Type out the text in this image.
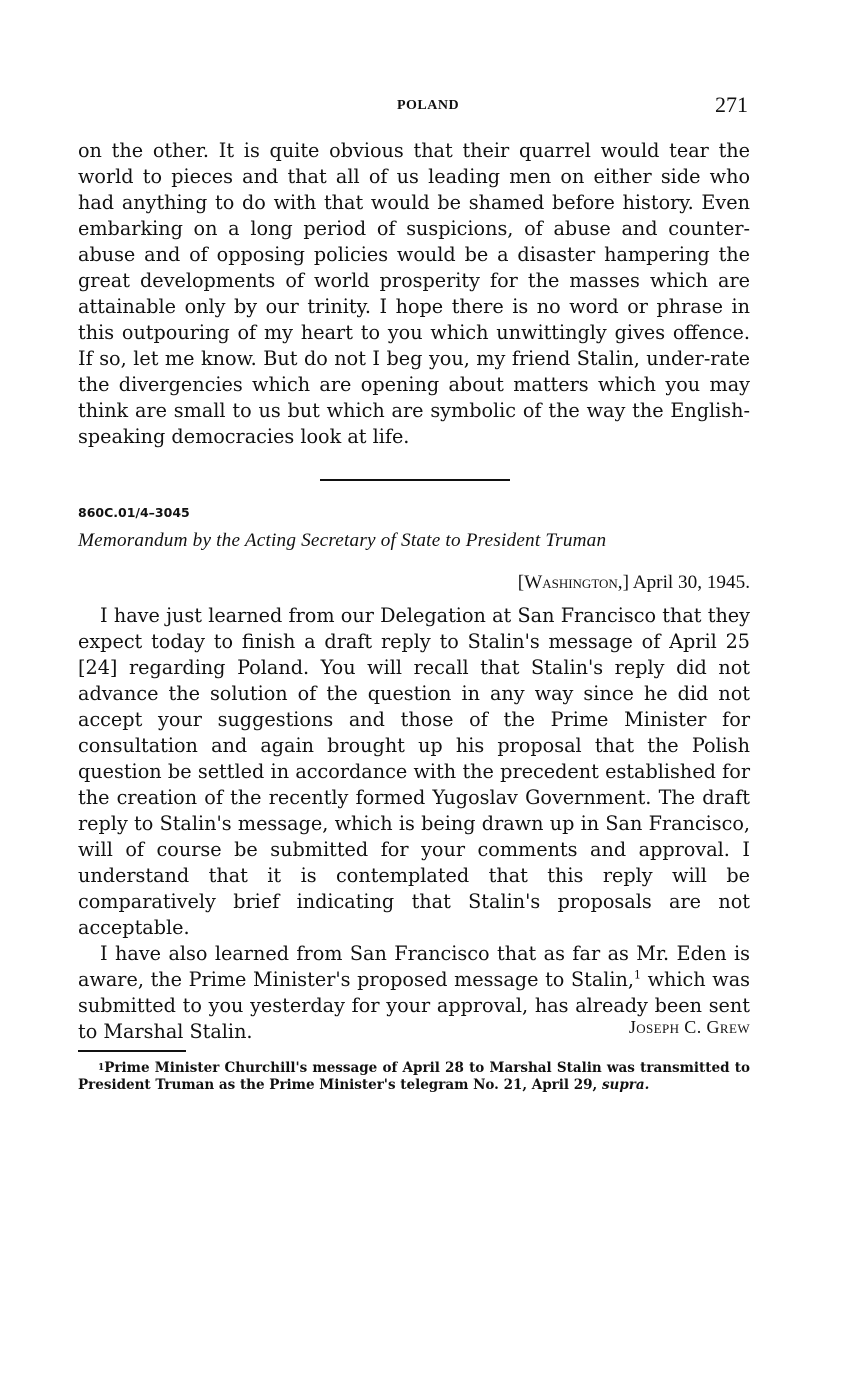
POLAND	271

on the other. It is quite obvious that their quarrel would tear the world to pieces and that all of us leading men on either side who had anything to do with that would be shamed before history. Even embarking on a long period of suspicions, of abuse and counter-abuse and of opposing policies would be a disaster hampering the great developments of world prosperity for the masses which are attainable only by our trinity. I hope there is no word or phrase in this outpouring of my heart to you which unwittingly gives offence. If so, let me know. But do not I beg you, my friend Stalin, under-rate the divergencies which are opening about matters which you may think are small to us but which are symbolic of the way the English-speaking democracies look at life.

860C.01/4–3045
Memorandum by the Acting Secretary of State to President Truman
[Washington,] April 30, 1945.

I have just learned from our Delegation at San Francisco that they expect today to finish a draft reply to Stalin's message of April 25 [24] regarding Poland. You will recall that Stalin's reply did not advance the solution of the question in any way since he did not accept your suggestions and those of the Prime Minister for consultation and again brought up his proposal that the Polish question be settled in accordance with the precedent established for the creation of the recently formed Yugoslav Government. The draft reply to Stalin's message, which is being drawn up in San Francisco, will of course be submitted for your comments and approval. I understand that it is contemplated that this reply will be comparatively brief indicating that Stalin's proposals are not acceptable.

I have also learned from San Francisco that as far as Mr. Eden is aware, the Prime Minister's proposed message to Stalin,$^1$ which was submitted to you yesterday for your approval, has already been sent to Marshal Stalin.	Joseph C. Grew
$^1$Prime Minister Churchill's message of April 28 to Marshal Stalin was transmitted to President Truman as the Prime Minister's telegram No. 21, April 29, supra.
